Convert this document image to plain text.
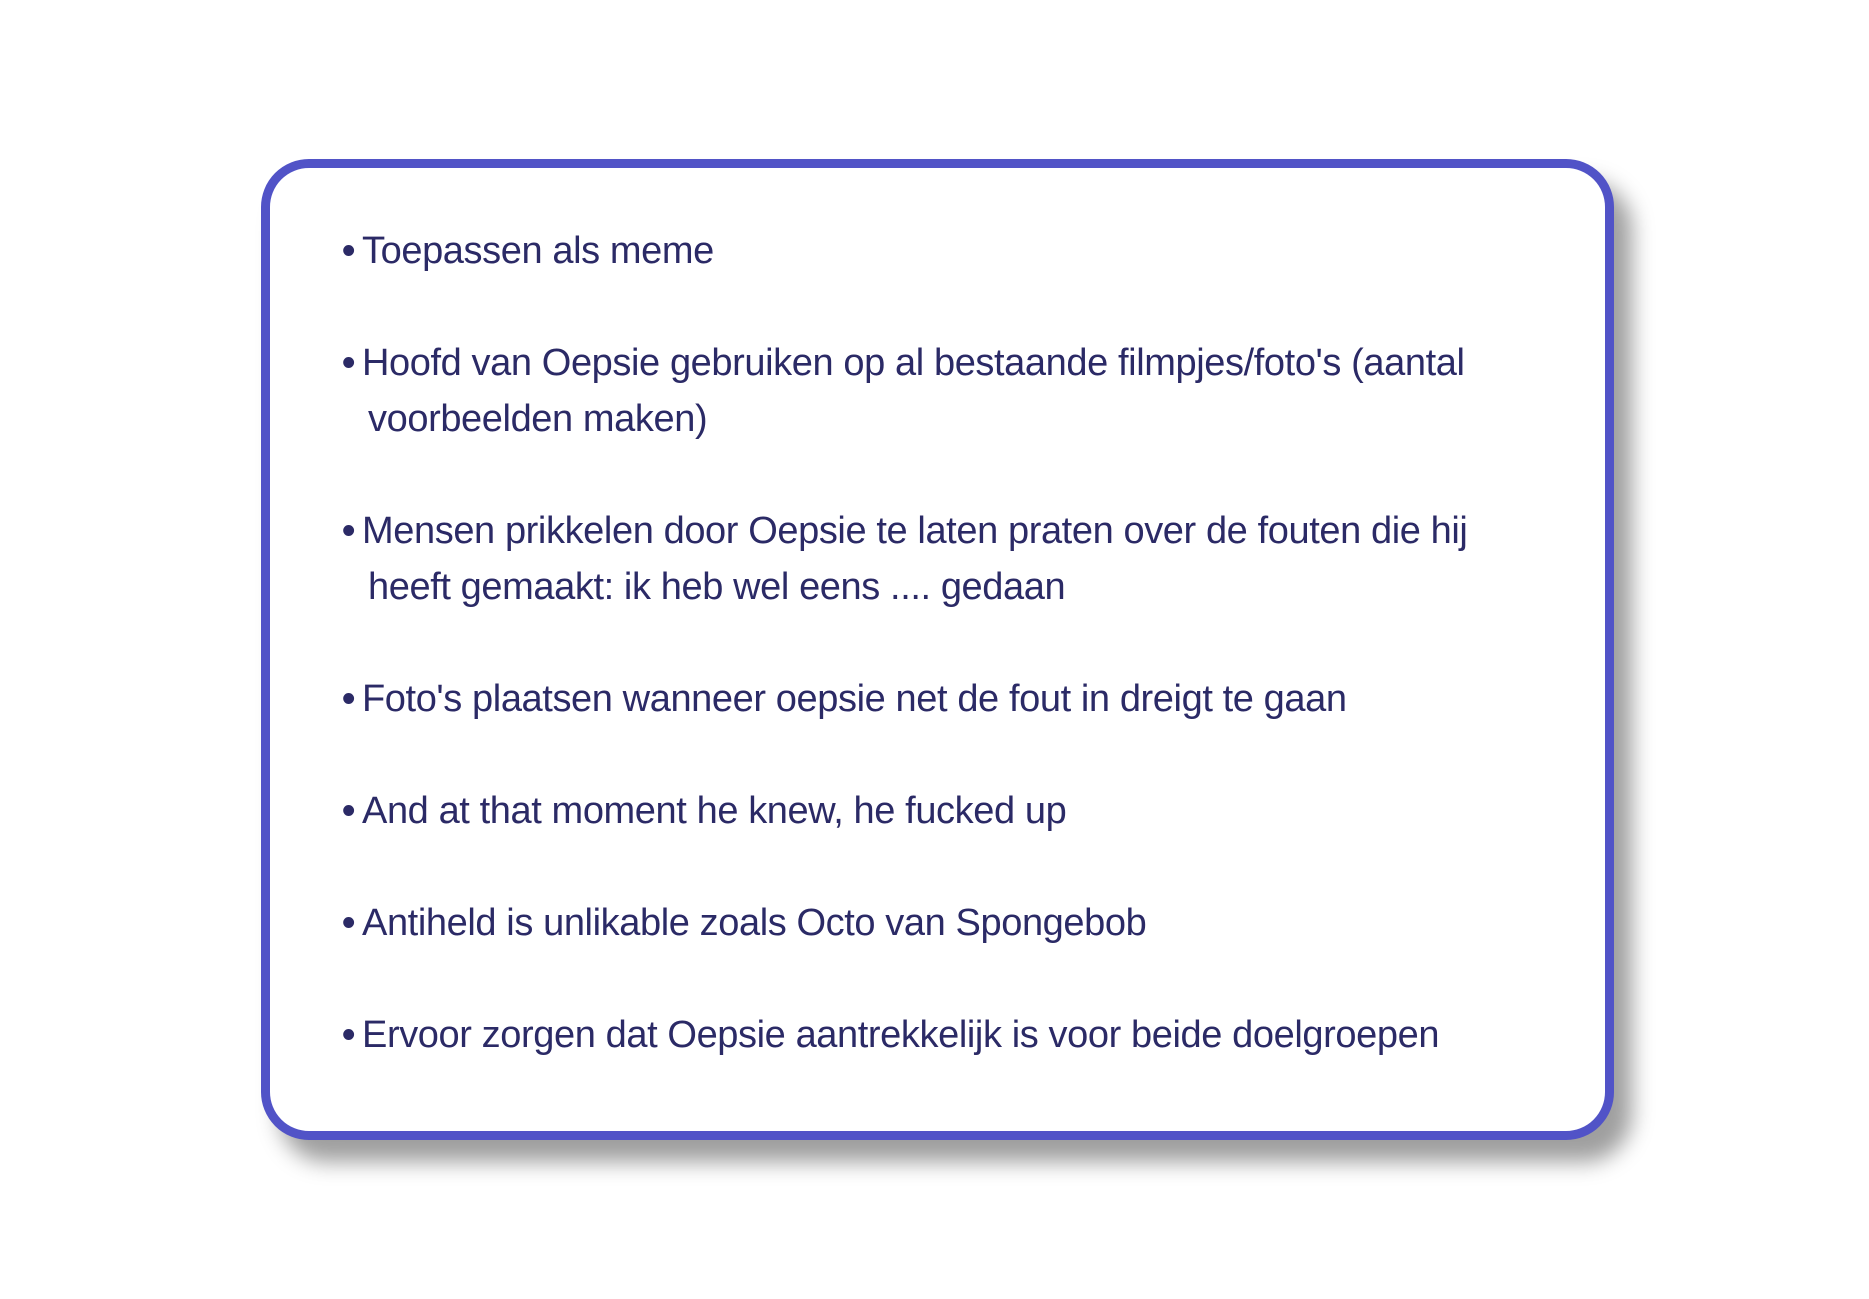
• Toepassen als meme
• Hoofd van Oepsie gebruiken op al bestaande filmpjes/foto's (aantal
voorbeelden maken)
• Mensen prikkelen door Oepsie te laten praten over de fouten die hij
heeft gemaakt: ik heb wel eens .... gedaan
• Foto's plaatsen wanneer oepsie net de fout in dreigt te gaan
• And at that moment he knew, he fucked up
• Antiheld is unlikable zoals Octo van Spongebob
• Ervoor zorgen dat Oepsie aantrekkelijk is voor beide doelgroepen
